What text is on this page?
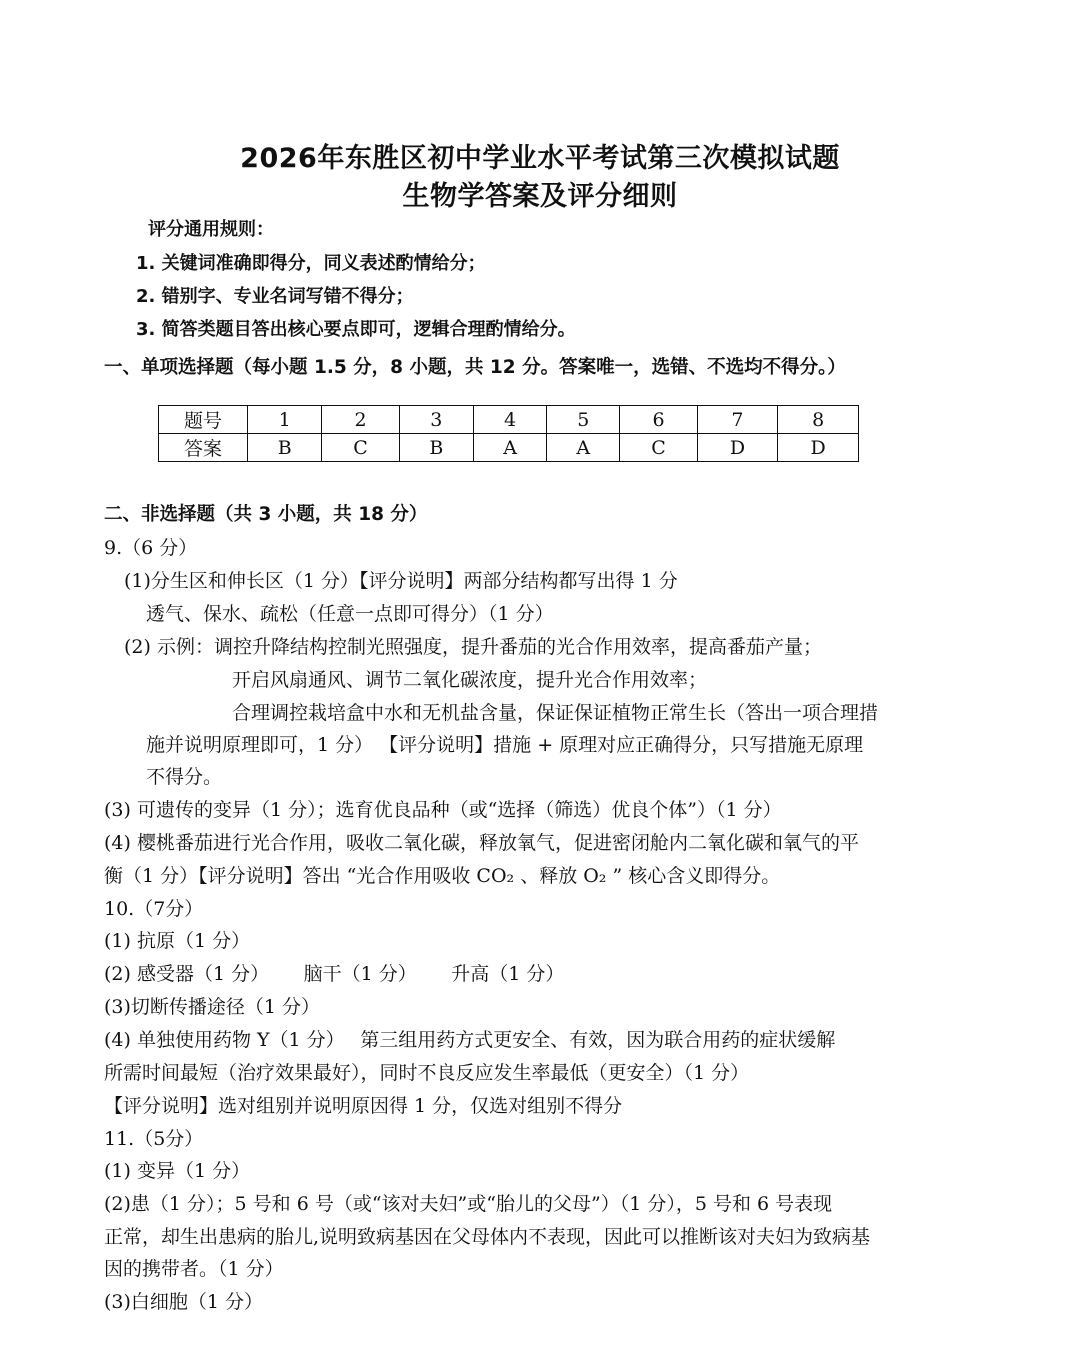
2026年东胜区初中学业水平考试第三次模拟试题
生物学答案及评分细则
评分通用规则：
1. 关键词准确即得分，同义表述酌情给分；
2. 错别字、专业名词写错不得分；
3. 简答类题目答出核心要点即可，逻辑合理酌情给分。
一、单项选择题（每小题 1.5 分，8 小题，共 12 分。答案唯一，选错、不选均不得分。）
题号	1	2	3	4	5	6	7	8
答案	B	C	B	A	A	C	D	D
二、非选择题（共 3 小题，共 18 分）
9.（6 分）
(1)分生区和伸长区（1 分）【评分说明】两部分结构都写出得 1 分
透气、保水、疏松（任意一点即可得分）（1 分）
(2) 示例：调控升降结构控制光照强度，提升番茄的光合作用效率，提高番茄产量；
开启风扇通风、调节二氧化碳浓度，提升光合作用效率；
合理调控栽培盒中水和无机盐含量，保证保证植物正常生长（答出一项合理措
施并说明原理即可，1 分） 【评分说明】措施 + 原理对应正确得分，只写措施无原理
不得分。
(3) 可遗传的变异（1 分）；选育优良品种（或“选择（筛选）优良个体”）（1 分）
(4) 樱桃番茄进行光合作用，吸收二氧化碳，释放氧气，促进密闭舱内二氧化碳和氧气的平
衡（1 分）【评分说明】答出 “光合作用吸收 CO₂ 、释放 O₂ ” 核心含义即得分。
10.（7分）
(1) 抗原（1 分）
(2) 感受器（1 分）　　 脑干（1 分）　　 升高（1 分）
(3)切断传播途径（1 分）
(4) 单独使用药物 Y（1 分）　 第三组用药方式更安全、有效，因为联合用药的症状缓解
所需时间最短（治疗效果最好），同时不良反应发生率最低（更安全）（1 分）
【评分说明】选对组别并说明原因得 1 分，仅选对组别不得分
11.（5分）
(1) 变异（1 分）
(2)患（1 分）；5 号和 6 号（或“该对夫妇”或“胎儿的父母”）（1 分），5 号和 6 号表现
正常，却生出患病的胎儿,说明致病基因在父母体内不表现，因此可以推断该对夫妇为致病基
因的携带者。（1 分）
(3)白细胞（1 分）
